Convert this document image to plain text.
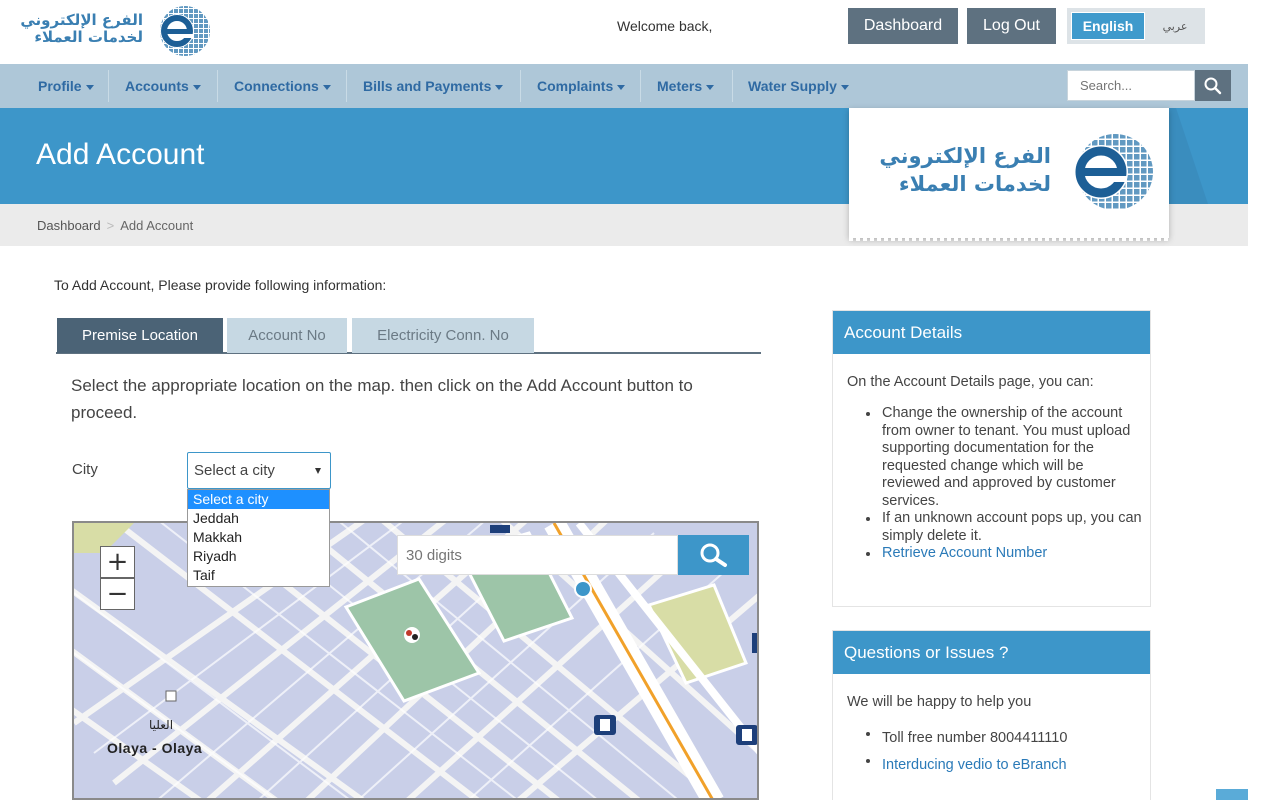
الفرع الإلكتروني
لخدمات العملاء
Welcome back,	Dashboard	Log Out	English	عربي
Profile	Accounts	Connections	Bills and Payments	Complaints	Meters	Water Supply
Search...
Add Account
Dashboard > Add Account
الفرع الإلكتروني
لخدمات العملاء
To Add Account, Please provide following information:
Premise Location	Account No	Electricity Conn. No
Select the appropriate location on the map. then click on the Add Account button to proceed.
City	Select a city
Select a city
Jeddah
Makkah
Riyadh
Taif
العليا
Olaya - Olaya
+
−
30 digits
Account Details
On the Account Details page, you can:
Change the ownership of the account from owner to tenant. You must upload supporting documentation for the requested change which will be reviewed and approved by customer services.
If an unknown account pops up, you can simply delete it.
Retrieve Account Number
Questions or Issues ?
We will be happy to help you
Toll free number 8004411110
Interducing vedio to eBranch
